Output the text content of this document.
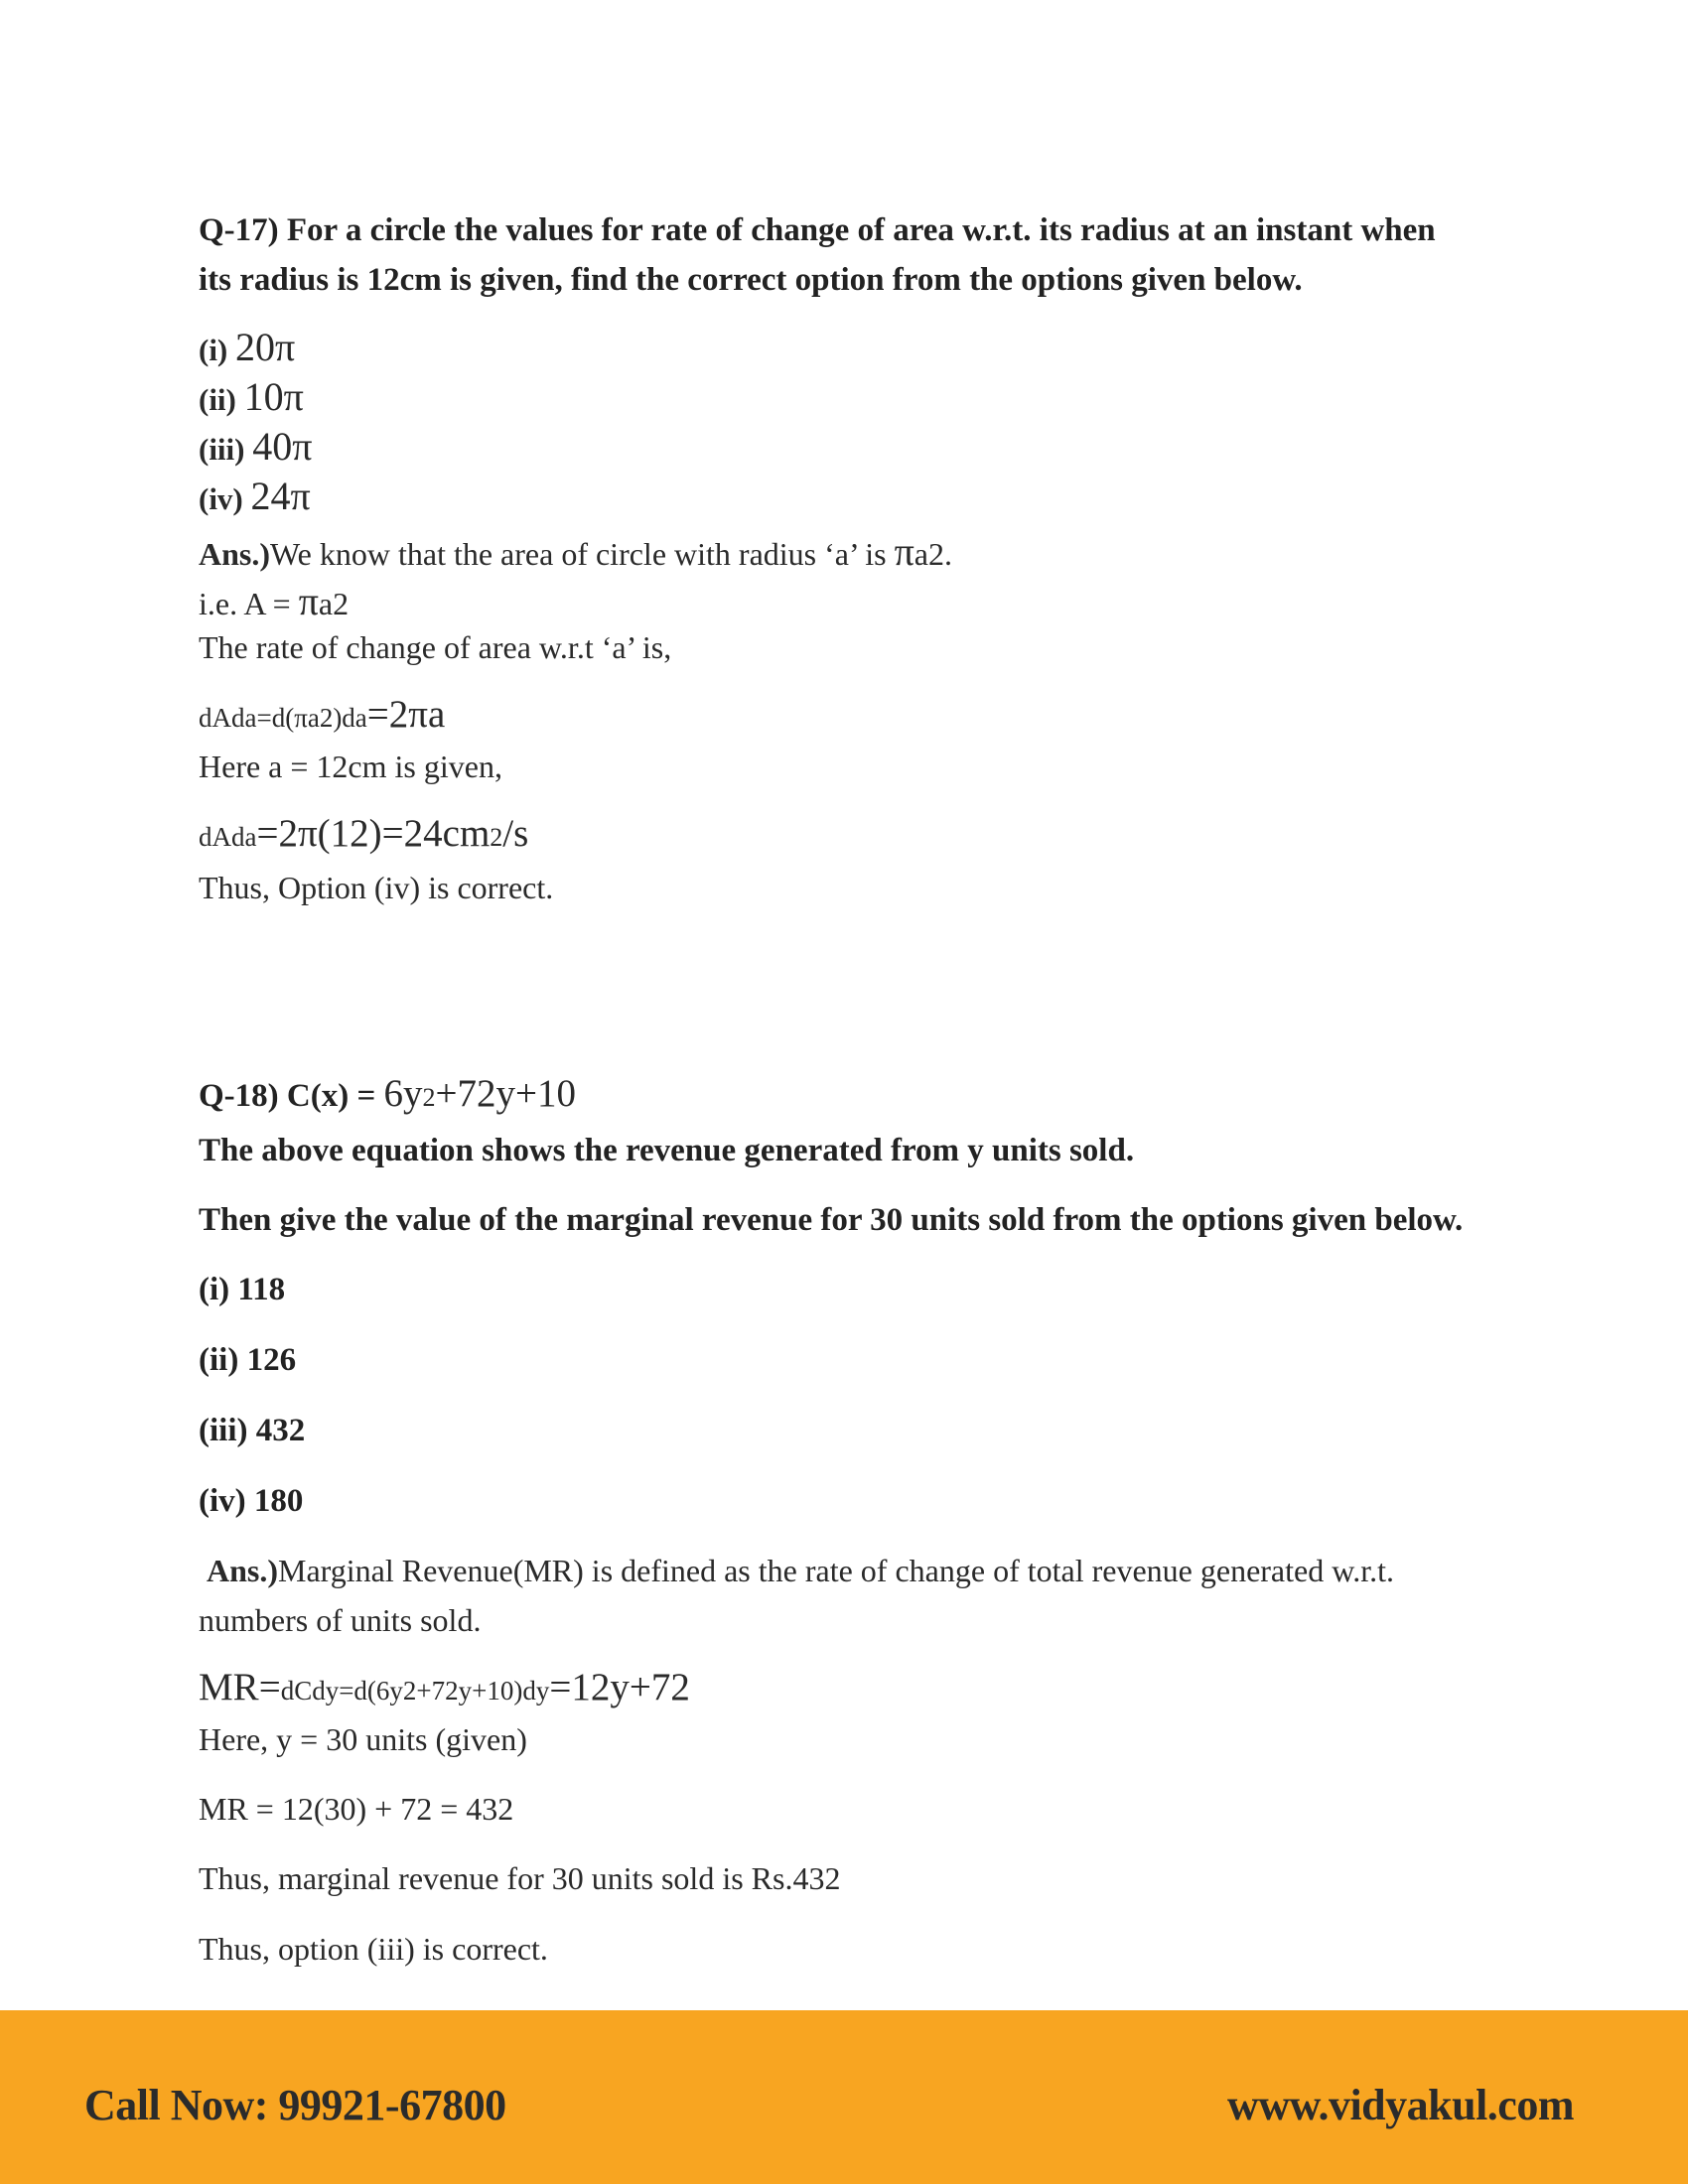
Q-17) For a circle the values for rate of change of area w.r.t. its radius at an instant when
its radius is 12cm is given, find the correct option from the options given below.
(i) 20π
(ii) 10π
(iii) 40π
(iv) 24π
Ans.)We know that the area of circle with radius ‘a’ is πa2.
i.e. A = πa2
The rate of change of area w.r.t ‘a’ is,
dAda=d(πa2)da=2πa
Here a = 12cm is given,
dAda=2π(12)=24cm2/s
Thus, Option (iv) is correct.
Q-18) C(x) = 6y2+72y+10
The above equation shows the revenue generated from y units sold.
Then give the value of the marginal revenue for 30 units sold from the options given below.
(i) 118
(ii) 126
(iii) 432
(iv) 180
Ans.)Marginal Revenue(MR) is defined as the rate of change of total revenue generated w.r.t.
numbers of units sold.
MR=dCdy=d(6y2+72y+10)dy=12y+72
Here, y = 30 units (given)
MR = 12(30) + 72 = 432
Thus, marginal revenue for 30 units sold is Rs.432
Thus, option (iii) is correct.
Call Now: 99921-67800	www.vidyakul.com
